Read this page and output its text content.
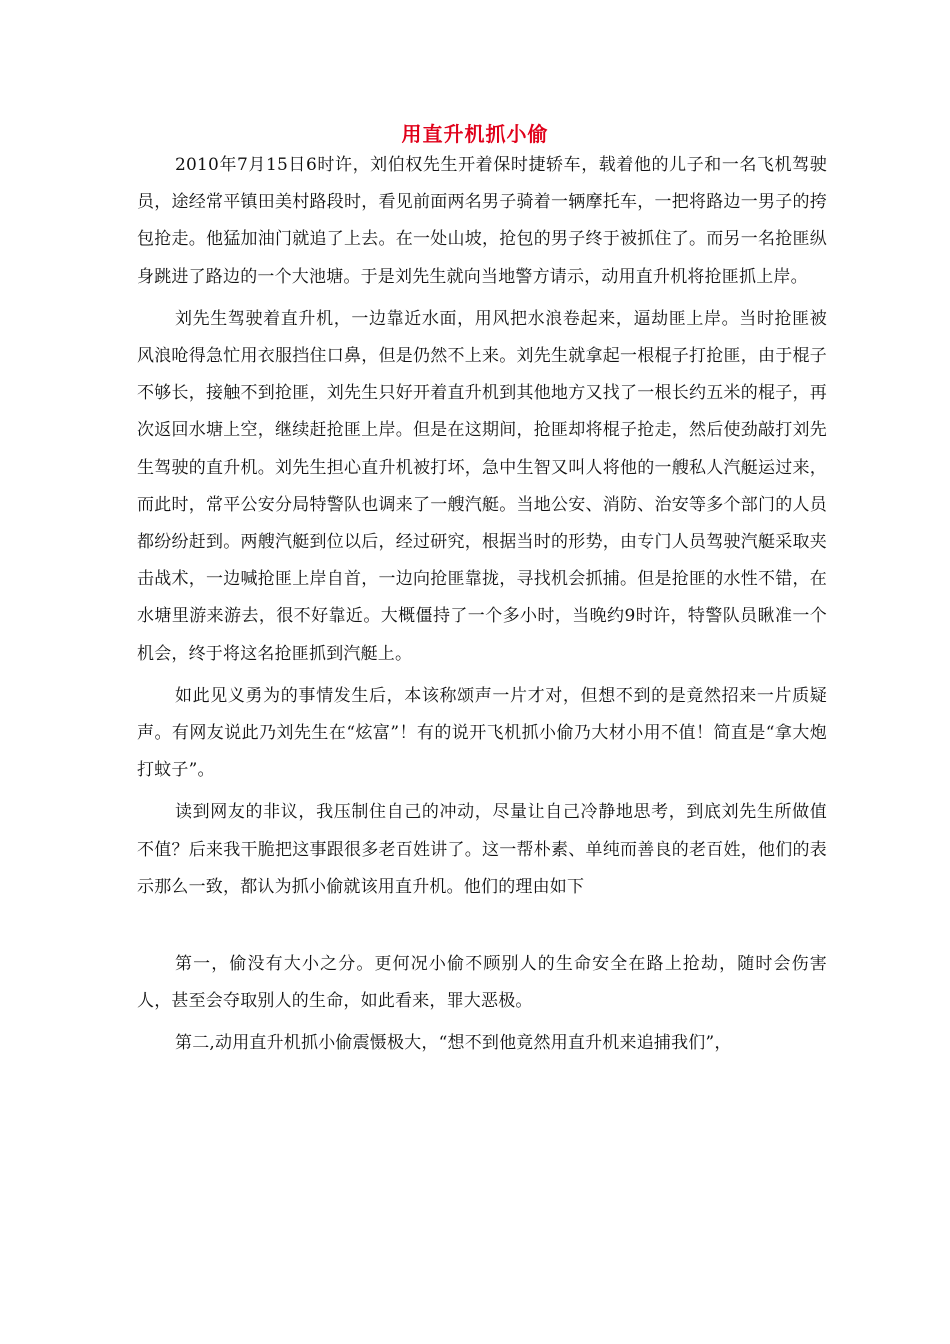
用直升机抓小偷

2010年7月15日6时许，刘伯权先生开着保时捷轿车，载着他的儿子和一名飞机驾驶员，途经常平镇田美村路段时，看见前面两名男子骑着一辆摩托车，一把将路边一男子的挎包抢走。他猛加油门就追了上去。在一处山坡，抢包的男子终于被抓住了。而另一名抢匪纵身跳进了路边的一个大池塘。于是刘先生就向当地警方请示，动用直升机将抢匪抓上岸。

刘先生驾驶着直升机，一边靠近水面，用风把水浪卷起来，逼劫匪上岸。当时抢匪被风浪呛得急忙用衣服挡住口鼻，但是仍然不上来。刘先生就拿起一根棍子打抢匪，由于棍子不够长，接触不到抢匪，刘先生只好开着直升机到其他地方又找了一根长约五米的棍子，再次返回水塘上空，继续赶抢匪上岸。但是在这期间，抢匪却将棍子抢走，然后使劲敲打刘先生驾驶的直升机。刘先生担心直升机被打坏，急中生智又叫人将他的一艘私人汽艇运过来，而此时，常平公安分局特警队也调来了一艘汽艇。当地公安、消防、治安等多个部门的人员都纷纷赶到。两艘汽艇到位以后，经过研究，根据当时的形势，由专门人员驾驶汽艇采取夹击战术，一边喊抢匪上岸自首，一边向抢匪靠拢，寻找机会抓捕。但是抢匪的水性不错，在水塘里游来游去，很不好靠近。大概僵持了一个多小时，当晚约9时许，特警队员瞅准一个机会，终于将这名抢匪抓到汽艇上。

如此见义勇为的事情发生后，本该称颂声一片才对，但想不到的是竟然招来一片质疑声。有网友说此乃刘先生在“炫富”！有的说开飞机抓小偷乃大材小用不值！简直是“拿大炮打蚊子”。

读到网友的非议，我压制住自己的冲动，尽量让自己冷静地思考，到底刘先生所做值不值？后来我干脆把这事跟很多老百姓讲了。这一帮朴素、单纯而善良的老百姓，他们的表示那么一致，都认为抓小偷就该用直升机。他们的理由如下

第一，偷没有大小之分。更何况小偷不顾别人的生命安全在路上抢劫，随时会伤害人，甚至会夺取别人的生命，如此看来，罪大恶极。

第二,动用直升机抓小偷震慑极大，“想不到他竟然用直升机来追捕我们”，
